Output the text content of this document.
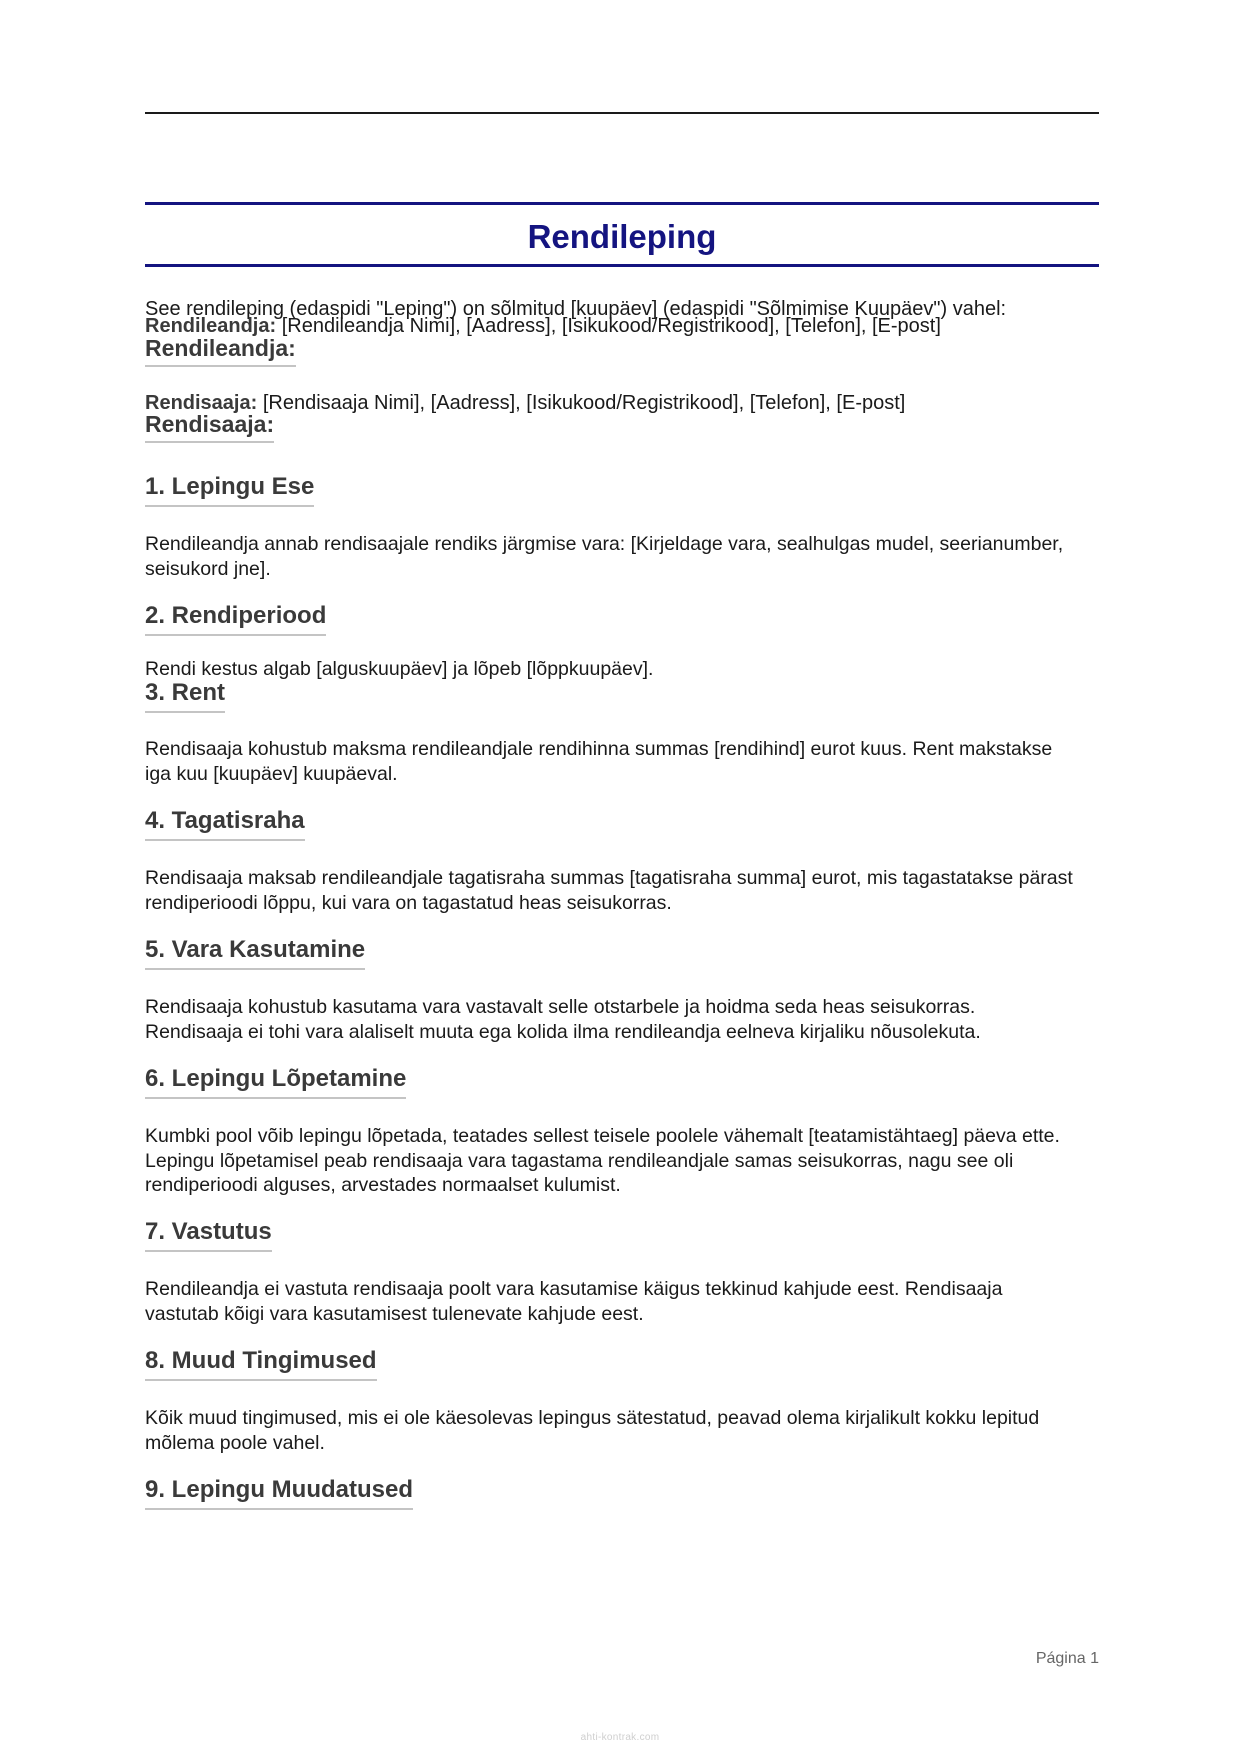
Rendileping
See rendileping (edaspidi "Leping") on sõlmitud [kuupäev] (edaspidi "Sõlmimise Kuupäev") vahel:
Rendileandja: [Rendileandja Nimi], [Aadress], [Isikukood/Registrikood], [Telefon], [E-post]
Rendileandja:
Rendisaaja: [Rendisaaja Nimi], [Aadress], [Isikukood/Registrikood], [Telefon], [E-post]
Rendisaaja:
1. Lepingu Ese
Rendileandja annab rendisaajale rendiks järgmise vara: [Kirjeldage vara, sealhulgas mudel, seerianumber, seisukord jne].
2. Rendiperiood
Rendi kestus algab [alguskuupäev] ja lõpeb [lõppkuupäev].
3. Rent
Rendisaaja kohustub maksma rendileandjale rendihinna summas [rendihind] eurot kuus. Rent makstakse iga kuu [kuupäev] kuupäeval.
4. Tagatisraha
Rendisaaja maksab rendileandjale tagatisraha summas [tagatisraha summa] eurot, mis tagastatakse pärast rendiperioodi lõppu, kui vara on tagastatud heas seisukorras.
5. Vara Kasutamine
Rendisaaja kohustub kasutama vara vastavalt selle otstarbele ja hoidma seda heas seisukorras. Rendisaaja ei tohi vara alaliselt muuta ega kolida ilma rendileandja eelneva kirjaliku nõusolekuta.
6. Lepingu Lõpetamine
Kumbki pool võib lepingu lõpetada, teatades sellest teisele poolele vähemalt [teatamistähtaeg] päeva ette. Lepingu lõpetamisel peab rendisaaja vara tagastama rendileandjale samas seisukorras, nagu see oli rendiperioodi alguses, arvestades normaalset kulumist.
7. Vastutus
Rendileandja ei vastuta rendisaaja poolt vara kasutamise käigus tekkinud kahjude eest. Rendisaaja vastutab kõigi vara kasutamisest tulenevate kahjude eest.
8. Muud Tingimused
Kõik muud tingimused, mis ei ole käesolevas lepingus sätestatud, peavad olema kirjalikult kokku lepitud mõlema poole vahel.
9. Lepingu Muudatused
Página 1
ahti-kontrak.com
